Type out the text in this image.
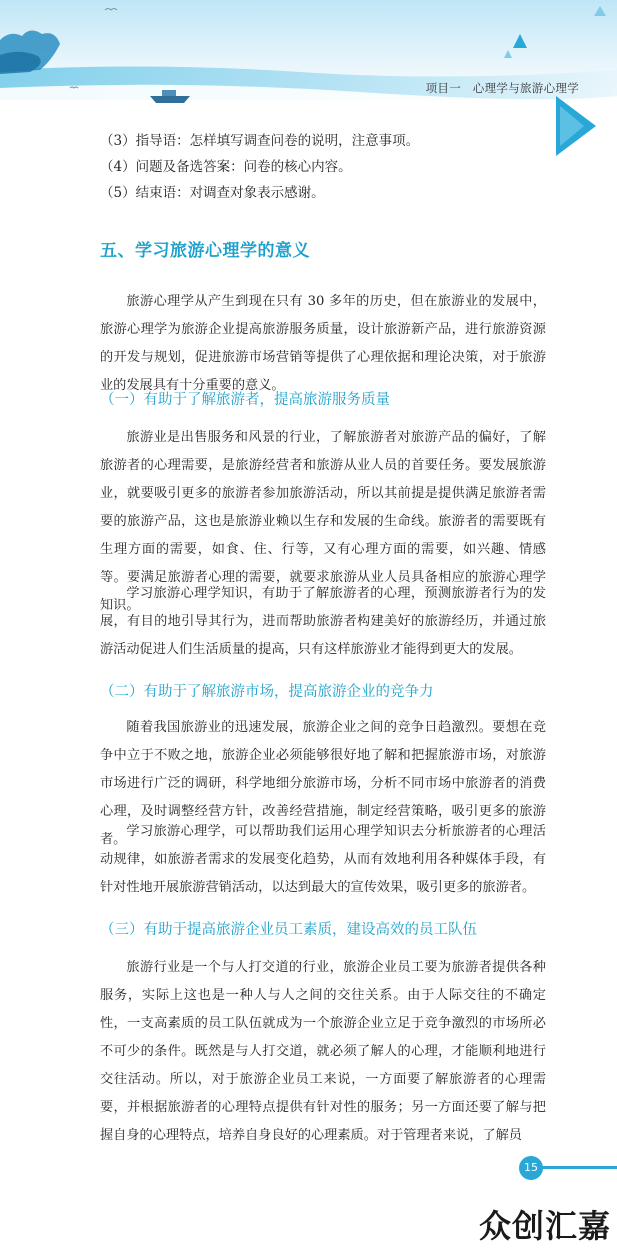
项目一　心理学与旅游心理学
（3）指导语：怎样填写调查问卷的说明，注意事项。
（4）问题及备选答案：问卷的核心内容。
（5）结束语：对调查对象表示感谢。
五、学习旅游心理学的意义

旅游心理学从产生到现在只有 30 多年的历史，但在旅游业的发展中，旅游心理学为旅游企业提高旅游服务质量，设计旅游新产品，进行旅游资源的开发与规划，促进旅游市场营销等提供了心理依据和理论决策，对于旅游业的发展具有十分重要的意义。

（一）有助于了解旅游者，提高旅游服务质量

旅游业是出售服务和风景的行业，了解旅游者对旅游产品的偏好，了解旅游者的心理需要，是旅游经营者和旅游从业人员的首要任务。要发展旅游业，就要吸引更多的旅游者参加旅游活动，所以其前提是提供满足旅游者需要的旅游产品，这也是旅游业赖以生存和发展的生命线。旅游者的需要既有生理方面的需要，如食、住、行等，又有心理方面的需要，如兴趣、情感等。要满足旅游者心理的需要，就要求旅游从业人员具备相应的旅游心理学知识。

学习旅游心理学知识，有助于了解旅游者的心理，预测旅游者行为的发展，有目的地引导其行为，进而帮助旅游者构建美好的旅游经历，并通过旅游活动促进人们生活质量的提高，只有这样旅游业才能得到更大的发展。

（二）有助于了解旅游市场，提高旅游企业的竞争力

随着我国旅游业的迅速发展，旅游企业之间的竞争日趋激烈。要想在竞争中立于不败之地，旅游企业必须能够很好地了解和把握旅游市场，对旅游市场进行广泛的调研，科学地细分旅游市场，分析不同市场中旅游者的消费心理，及时调整经营方针，改善经营措施，制定经营策略，吸引更多的旅游者。

学习旅游心理学，可以帮助我们运用心理学知识去分析旅游者的心理活动规律，如旅游者需求的发展变化趋势，从而有效地利用各种媒体手段，有针对性地开展旅游营销活动，以达到最大的宣传效果，吸引更多的旅游者。

（三）有助于提高旅游企业员工素质，建设高效的员工队伍

旅游行业是一个与人打交道的行业，旅游企业员工要为旅游者提供各种服务，实际上这也是一种人与人之间的交往关系。由于人际交往的不确定性，一支高素质的员工队伍就成为一个旅游企业立足于竞争激烈的市场所必不可少的条件。既然是与人打交道，就必须了解人的心理，才能顺利地进行交往活动。所以，对于旅游企业员工来说，一方面要了解旅游者的心理需要，并根据旅游者的心理特点提供有针对性的服务；另一方面还要了解与把握自身的心理特点，培养自身良好的心理素质。对于管理者来说，了解员

15
众创汇嘉
